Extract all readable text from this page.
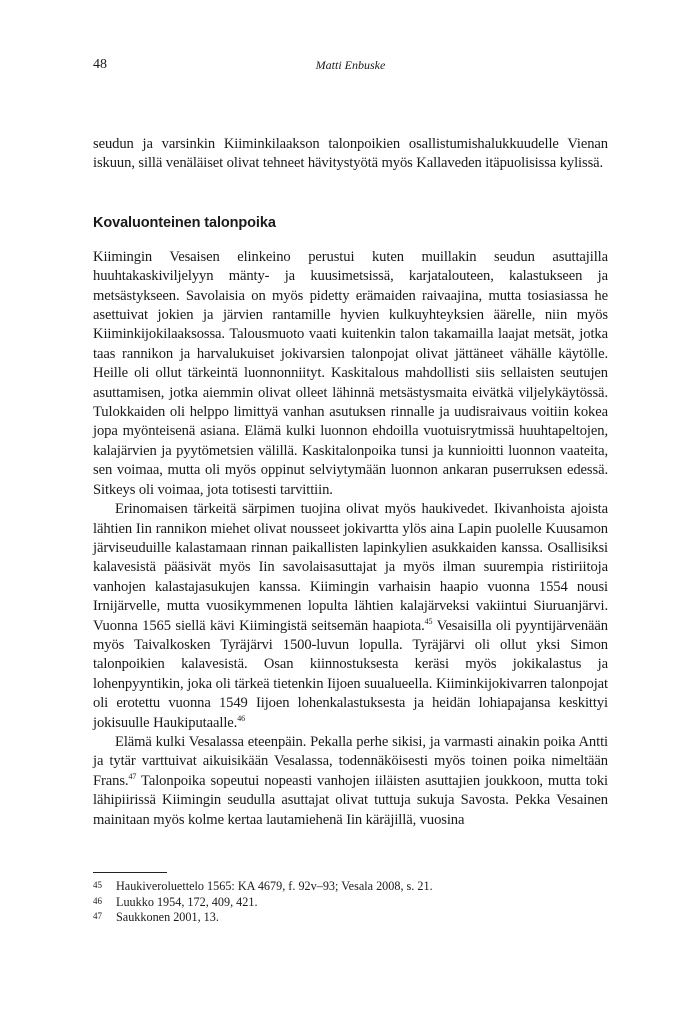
48	Matti Enbuske

seudun ja varsinkin Kiiminkilaakson talonpoikien osallistumishalukkuudelle Vienan iskuun, sillä venäläiset olivat tehneet hävitystyötä myös Kallaveden itäpuolisissa kylissä.

Kovaluonteinen talonpoika

Kiimingin Vesaisen elinkeino perustui kuten muillakin seudun asuttajilla huuhtakaskiviljelyyn mänty- ja kuusimetsissä, karjatalouteen, kalastukseen ja metsästykseen. Savolaisia on myös pidetty erämaiden raivaajina, mutta tosiasiassa he asettuivat jokien ja järvien rantamille hyvien kulkuyhteyksien äärelle, niin myös Kiiminkijokilaaksossa. Talousmuoto vaati kuitenkin talon takamailla laajat metsät, jotka taas rannikon ja harvalukuiset jokivarsien talonpojat olivat jättäneet vähälle käytölle. Heille oli ollut tärkeintä luonnonniityt. Kaskitalous mahdollisti siis sellaisten seutujen asuttamisen, jotka aiemmin olivat olleet lähinnä metsästysmaita eivätkä viljelykäytössä. Tulokkaiden oli helppo limittyä vanhan asutuksen rinnalle ja uudisraivaus voitiin kokea jopa myönteisenä asiana. Elämä kulki luonnon ehdoilla vuotuisrytmissä huuhtapeltojen, kalajärvien ja pyytömetsien välillä. Kaskitalonpoika tunsi ja kunnioitti luonnon vaateita, sen voimaa, mutta oli myös oppinut selviytymään luonnon ankaran puserruksen edessä. Sitkeys oli voimaa, jota totisesti tarvittiin.

Erinomaisen tärkeitä särpimen tuojina olivat myös haukivedet. Ikivanhoista ajoista lähtien Iin rannikon miehet olivat nousseet jokivartta ylös aina Lapin puolelle Kuusamon järviseuduille kalastamaan rinnan paikallisten lapinkylien asukkaiden kanssa. Osallisiksi kalavesistä pääsivät myös Iin savolaisasuttajat ja myös ilman suurempia ristiriitoja vanhojen kalastajasukujen kanssa. Kiimingin varhaisin haapio vuonna 1554 nousi Irnijärvelle, mutta vuosikymmenen lopulta lähtien kalajärveksi vakiintui Siuruanjärvi. Vuonna 1565 siellä kävi Kiimingistä seitsemän haapiota.$^{45}$ Vesaisilla oli pyyntijärvenään myös Taivalkosken Tyräjärvi 1500-luvun lopulla. Tyräjärvi oli ollut yksi Simon talonpoikien kalavesistä. Osan kiinnostuksesta keräsi myös jokikalastus ja lohenpyyntikin, joka oli tärkeä tietenkin Iijoen suualueella. Kiiminkijokivarren talonpojat oli erotettu vuonna 1549 Iijoen lohenkalastuksesta ja heidän lohiapajansa keskittyi jokisuulle Haukiputaalle.$^{46}$

Elämä kulki Vesalassa eteenpäin. Pekalla perhe sikisi, ja varmasti ainakin poika Antti ja tytär varttuivat aikuisikään Vesalassa, todennäköisesti myös toinen poika nimeltään Frans.$^{47}$ Talonpoika sopeutui nopeasti vanhojen iiläisten asuttajien joukkoon, mutta toki lähipiirissä Kiimingin seudulla asuttajat olivat tuttuja sukuja Savosta. Pekka Vesainen mainitaan myös kolme kertaa lautamiehenä Iin käräjillä, vuosina

45	Haukiveroluettelo 1565: KA 4679, f. 92v–93; Vesala 2008, s. 21.
46	Luukko 1954, 172, 409, 421.
47	Saukkonen 2001, 13.
